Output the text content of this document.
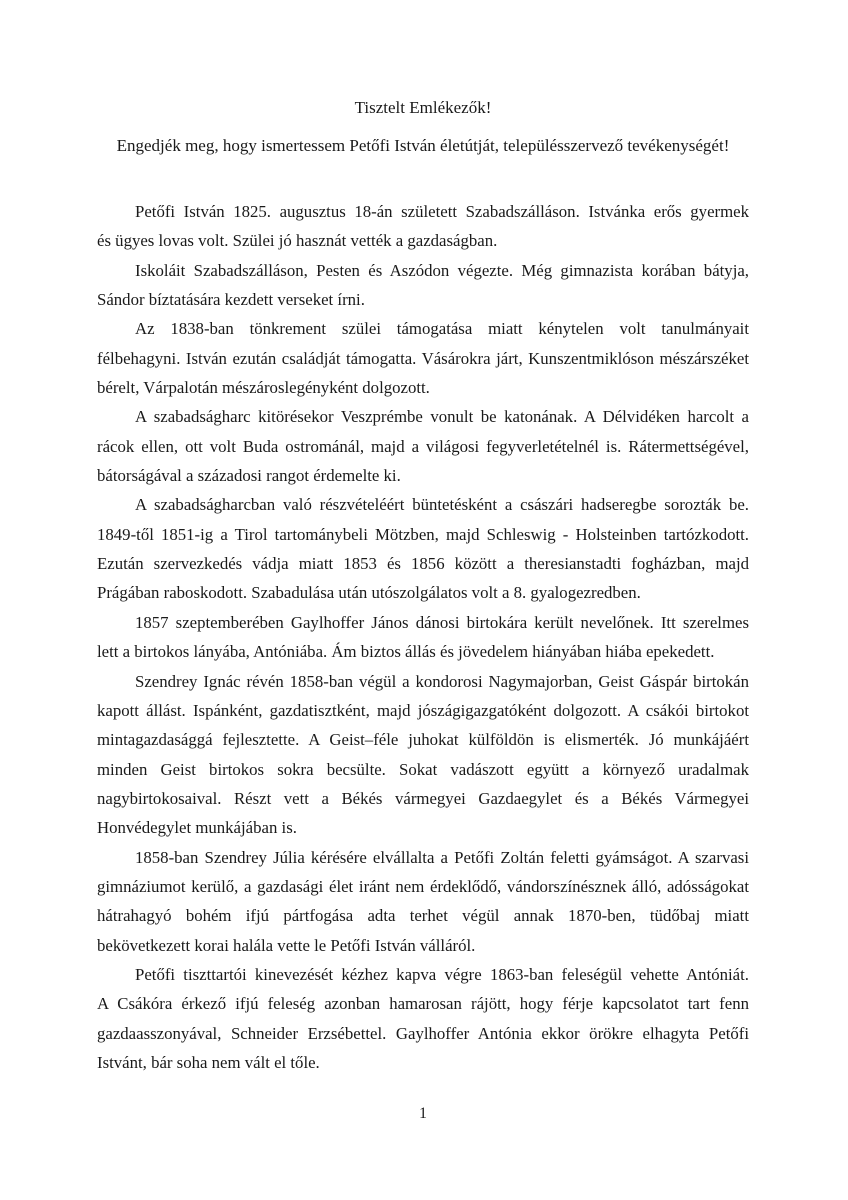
Tisztelt Emlékezők!
Engedjék meg, hogy ismertessem Petőfi István életútját, településszervező tevékenységét!
Petőfi István 1825. augusztus 18-án született Szabadszálláson. Istvánka erős gyermek
és ügyes lovas volt. Szülei jó hasznát vették a gazdaságban.
Iskoláit Szabadszálláson, Pesten és Aszódon végezte. Még gimnazista korában bátyja,
Sándor bíztatására kezdett verseket írni.
Az 1838-ban tönkrement szülei támogatása miatt kénytelen volt tanulmányait
félbehagyni. István ezután családját támogatta. Vásárokra járt, Kunszentmiklóson mészárszéket
bérelt, Várpalotán mészároslegényként dolgozott.
A szabadságharc kitörésekor Veszprémbe vonult be katonának. A Délvidéken harcolt a
rácok ellen, ott volt Buda ostrománál, majd a világosi fegyverletételnél is. Rátermettségével,
bátorságával a századosi rangot érdemelte ki.
A szabadságharcban való részvételéért büntetésként a császári hadseregbe sorozták be.
1849-től 1851-ig a Tirol tartománybeli Mötzben, majd Schleswig - Holsteinben tartózkodott.
Ezután szervezkedés vádja miatt 1853 és 1856 között a theresianstadti fogházban, majd
Prágában raboskodott. Szabadulása után utószolgálatos volt a 8. gyalogezredben.
1857 szeptemberében Gaylhoffer János dánosi birtokára került nevelőnek. Itt szerelmes
lett a birtokos lányába, Antóniába. Ám biztos állás és jövedelem hiányában hiába epekedett.
Szendrey Ignác révén 1858-ban végül a kondorosi Nagymajorban, Geist Gáspár birtokán
kapott állást. Ispánként, gazdatisztként, majd jószágigazgatóként dolgozott. A csákói birtokot
mintagazdasággá fejlesztette. A Geist–féle juhokat külföldön is elismerték. Jó munkájáért
minden Geist birtokos sokra becsülte. Sokat vadászott együtt a környező uradalmak
nagybirtokosaival. Részt vett a Békés vármegyei Gazdaegylet és a Békés Vármegyei
Honvédegylet munkájában is.
1858-ban Szendrey Júlia kérésére elvállalta a Petőfi Zoltán feletti gyámságot. A szarvasi
gimnáziumot kerülő, a gazdasági élet iránt nem érdeklődő, vándorszínésznek álló, adósságokat
hátrahagyó bohém ifjú pártfogása adta terhet végül annak 1870-ben, tüdőbaj miatt
bekövetkezett korai halála vette le Petőfi István válláról.
Petőfi tiszttartói kinevezését kézhez kapva végre 1863-ban feleségül vehette Antóniát.
A Csákóra érkező ifjú feleség azonban hamarosan rájött, hogy férje kapcsolatot tart fenn
gazdaasszonyával, Schneider Erzsébettel. Gaylhoffer Antónia ekkor örökre elhagyta Petőfi
Istvánt, bár soha nem vált el tőle.
1
